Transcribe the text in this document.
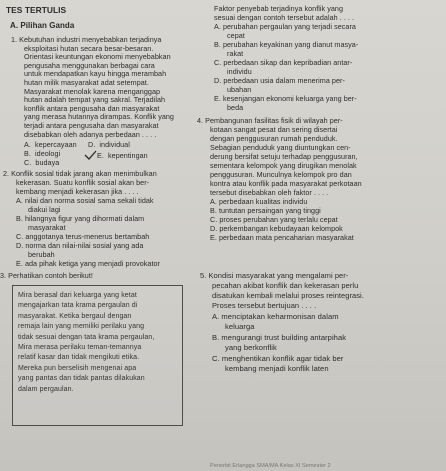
TES TERTULIS
A. Pilihan Ganda
1. Kebutuhan industri menyebabkan terjadinya
eksploitasi hutan secara besar-besaran.
Orientasi keuntungan ekonomi menyebabkan
pengusaha menggunakan berbagai cara
untuk mendapatkan kayu hingga merambah
hutan milik masyarakat adat setempat.
Masyarakat menolak karena menganggap
hutan adalah tempat yang sakral. Terjadilah
konflik antara pengusaha dan masyarakat
yang merasa hutannya dirampas. Konflik yang
terjadi antara pengusaha dan masyarakat
disebabkan oleh adanya perbedaan . . . .
A.  kepercayaan
B.  ideologi
C.  budaya
D.  individual
E.  kepentingan
2. Konflik sosial tidak jarang akan menimbulkan
kekerasan. Suatu konflik sosial akan ber-
kembang menjadi kekerasan jika . . . .
A. nilai dan norma sosial sama sekali tidak
diakui lagi
B. hilangnya figur yang dihormati dalam
masyarakat
C. anggotanya terus-menerus bertambah
D. norma dan nilai-nilai sosial yang ada
berubah
E. ada pihak ketiga yang menjadi provokator
3. Perhatikan contoh berikut!
Mira berasal dari keluarga yang ketat
mengajarkan tata krama pergaulan di
masyarakat. Ketika bergaul dengan
remaja lain yang memiliki perilaku yang
tidak sesuai dengan tata krama pergaulan,
Mira merasa perilaku teman-temannya
relatif kasar dan tidak mengikuti etika.
Mereka pun berselisih mengenai apa
yang pantas dan tidak pantas dilakukan
dalam pergaulan.
Faktor penyebab terjadinya konflik yang
sesuai dengan contoh tersebut adalah . . . .
A. perubahan pergaulan yang terjadi secara
cepat
B. perubahan keyakinan yang dianut masya-
rakat
C. perbedaan sikap dan kepribadian antar-
individu
D. perbedaan usia dalam menerima per-
ubahan
E. kesenjangan ekonomi keluarga yang ber-
beda
4. Pembangunan fasilitas fisik di wilayah per-
kotaan sangat pesat dan sering disertai
dengan penggusuran rumah penduduk.
Sebagian penduduk yang diuntungkan cen-
derung bersifat setuju terhadap penggusuran,
sementara kelompok yang dirugikan menolak
penggusuran. Munculnya kelompok pro dan
kontra atau konflik pada masyarakat perkotaan
tersebut disebabkan oleh faktor . . . .
A. perbedaan kualitas individu
B. tuntutan persaingan yang tinggi
C. proses perubahan yang terlalu cepat
D. perkembangan kebudayaan kelompok
E. perbedaan mata pencaharian masyarakat
5. Kondisi masyarakat yang mengalami per-
pecahan akibat konflik dan kekerasan perlu
disatukan kembali melalui proses reintegrasi.
Proses tersebut bertujuan . . . .
A. menciptakan keharmonisan dalam
keluarga
B. mengurangi trust building antarpihak
yang berkonflik
C. menghentikan konflik agar tidak ber
kembang menjadi konflik laten
Penerbit Erlangga SMA/MA Kelas XI Semester 2
